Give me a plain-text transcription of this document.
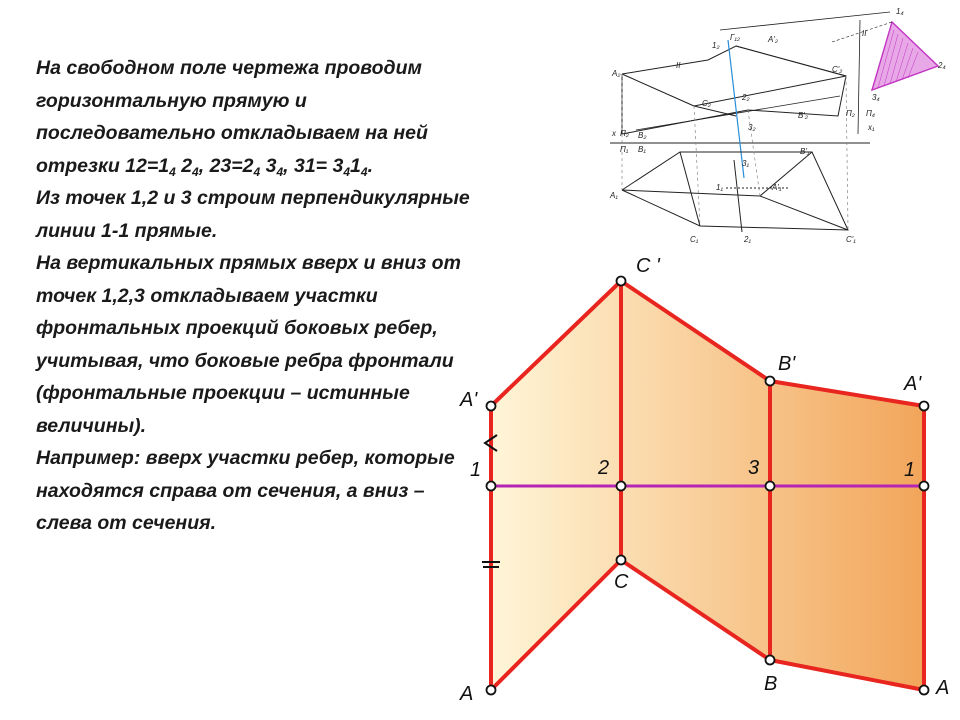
На свободном поле чертежа проводим горизонтальную прямую и последовательно откладываем на ней отрезки $12=1_4$ $2_4$, $23=2_4$ $3_4$, $31= 3_41_4$.

Из точек 1,2 и 3 строим перпендикулярные линии 1-1 прямые.

На вертикальных прямых вверх и вниз от точек 1,2,3 откладываем участки фронтальных проекций боковых ребер, учитывая, что боковые ребра фронтали (фронтальные проекции – истинные величины).

Например: вверх участки ребер, которые находятся справа от сечения, а вниз – слева от сечения.

A₂
1₂
Г₁₂	A'₂
C'₂
C₂
2₂
B'₂
3₂
x П₂ B₂
П₁ B₁
3₁
B'₁
1₁
A₁
A'₁
C₁	2₁	C'₁
1₄
2₄
3₄
П₂ П₄
x₁
II
II
C '
A'
B'
A'
1	2	3	1
C
A	B	A
